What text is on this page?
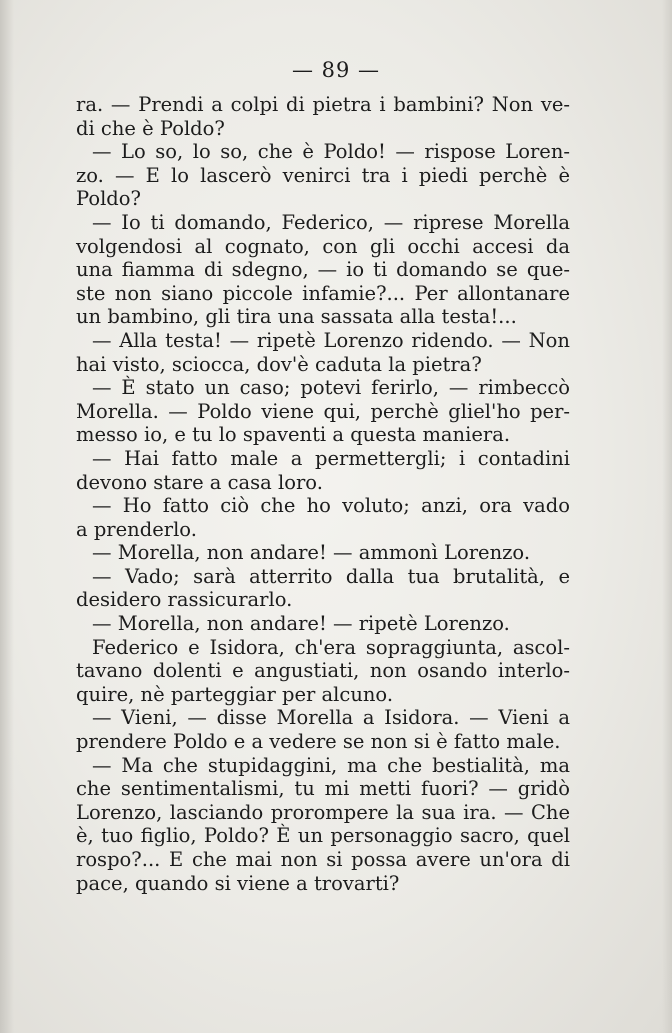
— 89 —
ra. — Prendi a colpi di pietra i bambini? Non ve-
di che è Poldo?
— Lo so, lo so, che è Poldo! — rispose Loren-
zo. — E lo lascerò venirci tra i piedi perchè è
Poldo?
— Io ti domando, Federico, — riprese Morella
volgendosi al cognato, con gli occhi accesi da
una fiamma di sdegno, — io ti domando se que-
ste non siano piccole infamie?... Per allontanare
un bambino, gli tira una sassata alla testa!...
— Alla testa! — ripetè Lorenzo ridendo. — Non
hai visto, sciocca, dov'è caduta la pietra?
— È stato un caso; potevi ferirlo, — rimbeccò
Morella. — Poldo viene qui, perchè gliel'ho per-
messo io, e tu lo spaventi a questa maniera.
— Hai fatto male a permettergli; i contadini
devono stare a casa loro.
— Ho fatto ciò che ho voluto; anzi, ora vado
a prenderlo.
— Morella, non andare! — ammonì Lorenzo.
— Vado; sarà atterrito dalla tua brutalità, e
desidero rassicurarlo.
— Morella, non andare! — ripetè Lorenzo.
Federico e Isidora, ch'era sopraggiunta, ascol-
tavano dolenti e angustiati, non osando interlo-
quire, nè parteggiar per alcuno.
— Vieni, — disse Morella a Isidora. — Vieni a
prendere Poldo e a vedere se non si è fatto male.
— Ma che stupidaggini, ma che bestialità, ma
che sentimentalismi, tu mi metti fuori? — gridò
Lorenzo, lasciando prorompere la sua ira. — Che
è, tuo figlio, Poldo? È un personaggio sacro, quel
rospo?... E che mai non si possa avere un'ora di
pace, quando si viene a trovarti?
